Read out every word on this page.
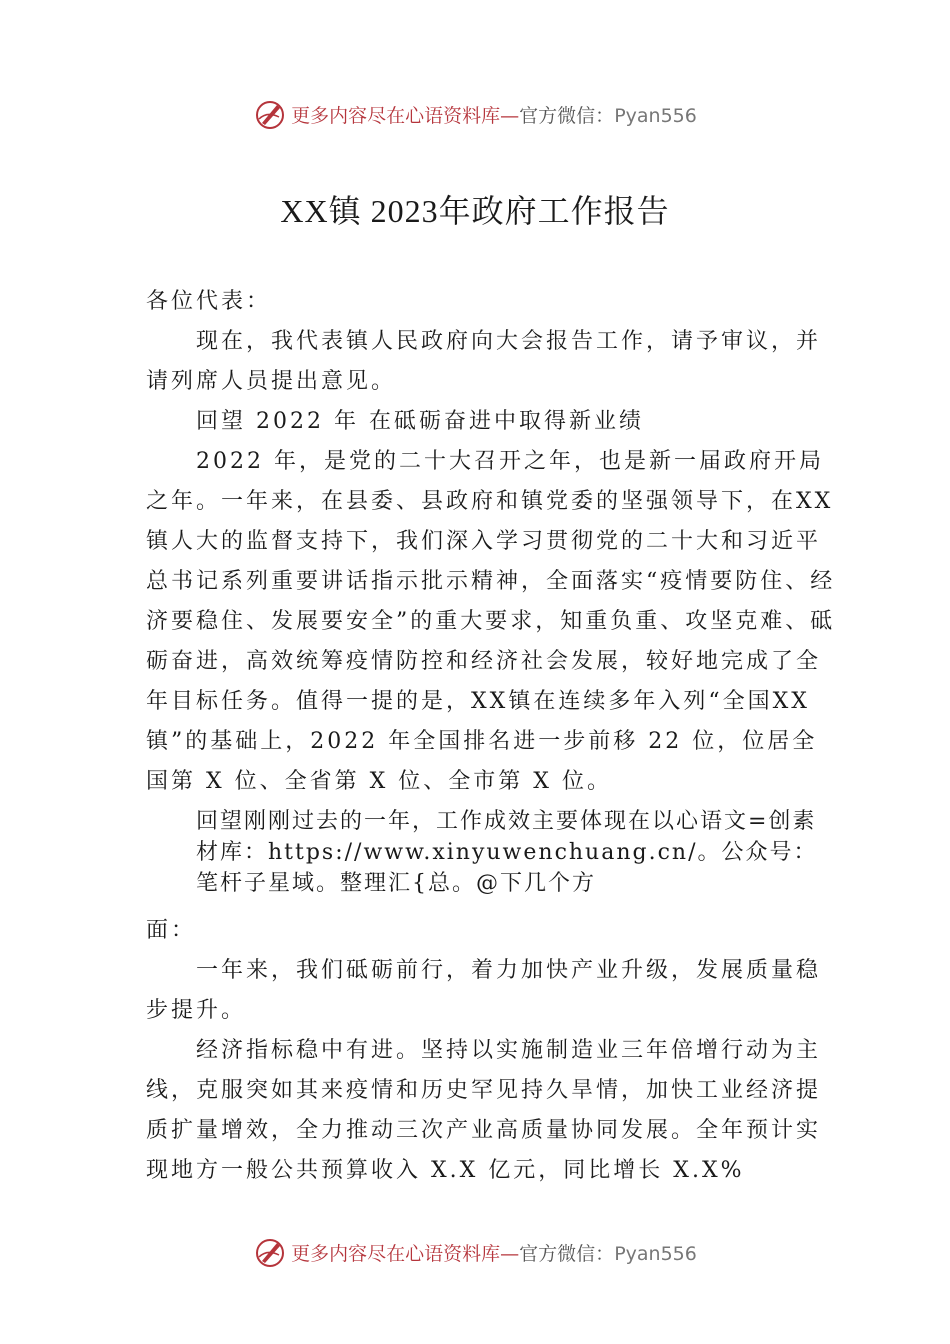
更多内容尽在心语资料库—官方微信：Pyan556
XX镇 2023年政府工作报告

各位代表：

现在，我代表镇人民政府向大会报告工作，请予审议，并请列席人员提出意见。

回望 2022 年 在砥砺奋进中取得新业绩

2022 年，是党的二十大召开之年，也是新一届政府开局之年。一年来，在县委、县政府和镇党委的坚强领导下，在XX镇人大的监督支持下，我们深入学习贯彻党的二十大和习近平总书记系列重要讲话指示批示精神，全面落实“疫情要防住、经济要稳住、发展要安全”的重大要求，知重负重、攻坚克难、砥砺奋进，高效统筹疫情防控和经济社会发展，较好地完成了全年目标任务。值得一提的是，XX镇在连续多年入列“全国XX镇”的基础上，2022 年全国排名进一步前移 22 位，位居全国第 X 位、全省第 X 位、全市第 X 位。

回望刚刚过去的一年，工作成效主要体现在以心语文=创素材库：https://www.xinyuwenchuang.cn/。公众号：笔杆子星域。整理汇{总。@下几个方

面：

一年来，我们砥砺前行，着力加快产业升级，发展质量稳步提升。

经济指标稳中有进。坚持以实施制造业三年倍增行动为主线，克服突如其来疫情和历史罕见持久旱情，加快工业经济提质扩量增效，全力推动三次产业高质量协同发展。全年预计实现地方一般公共预算收入 X.X 亿元，同比增长 X.X%

更多内容尽在心语资料库—官方微信：Pyan556
